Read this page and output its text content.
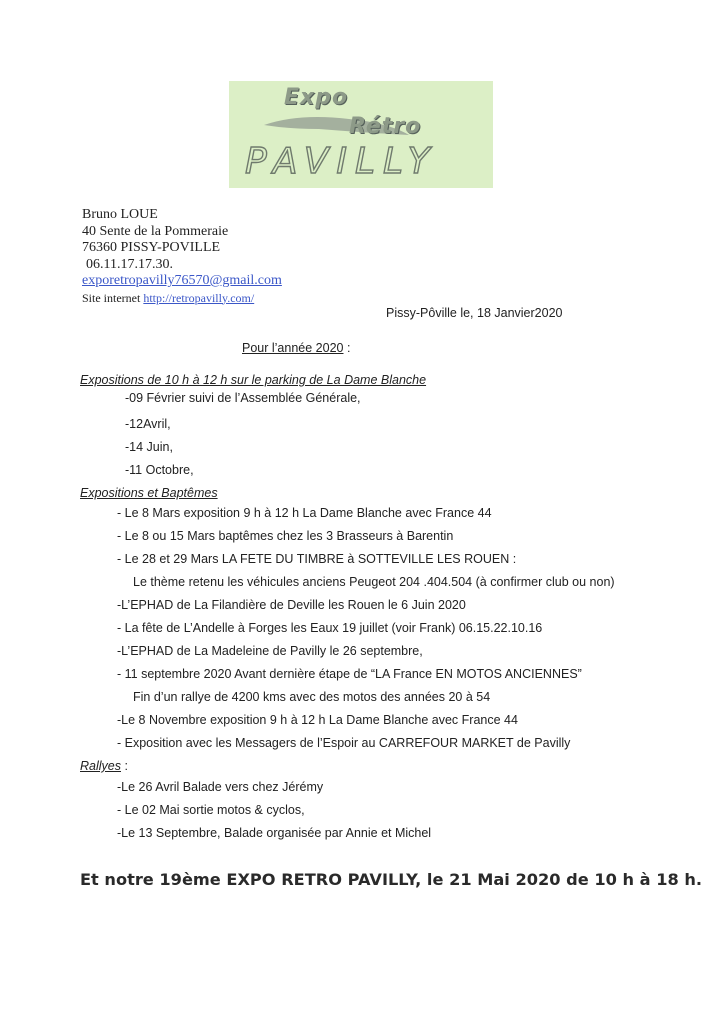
Expo
Rétro
PAVILLY
Bruno LOUE
40 Sente de la Pommeraie
76360 PISSY-POVILLE
06.11.17.17.30.
exporetropavilly76570@gmail.com
Site internet http://retropavilly.com/
Pissy-Pôville le, 18 Janvier2020
Pour l’année 2020 :
Expositions de 10 h à 12 h sur le parking de La Dame Blanche
-09 Février suivi de l’Assemblée Générale,
-12Avril,
-14 Juin,
-11 Octobre,
Expositions et Baptêmes
- Le 8 Mars exposition 9 h à 12 h La Dame Blanche avec France 44
- Le 8 ou 15 Mars baptêmes chez les 3 Brasseurs à Barentin
- Le 28 et 29 Mars LA FETE DU TIMBRE à SOTTEVILLE LES ROUEN :
Le thème retenu les véhicules anciens Peugeot 204 .404.504 (à confirmer club ou non)
-L’EPHAD de La Filandière de Deville les Rouen le 6 Juin 2020
- La fête de L’Andelle à Forges les Eaux 19 juillet (voir Frank) 06.15.22.10.16
-L’EPHAD de La Madeleine de Pavilly le 26 septembre,
- 11 septembre 2020 Avant dernière étape de “LA France EN MOTOS ANCIENNES”
Fin d’un rallye de 4200 kms avec des motos des années 20 à 54
-Le 8 Novembre exposition 9 h à 12 h La Dame Blanche avec France 44
- Exposition avec les Messagers de l’Espoir au CARREFOUR MARKET de Pavilly
Rallyes :
-Le 26 Avril Balade vers chez Jérémy
- Le 02 Mai sortie motos & cyclos,
-Le 13 Septembre, Balade organisée par Annie et Michel
Et notre 19ème EXPO RETRO PAVILLY, le 21 Mai 2020 de 10 h à 18 h.
